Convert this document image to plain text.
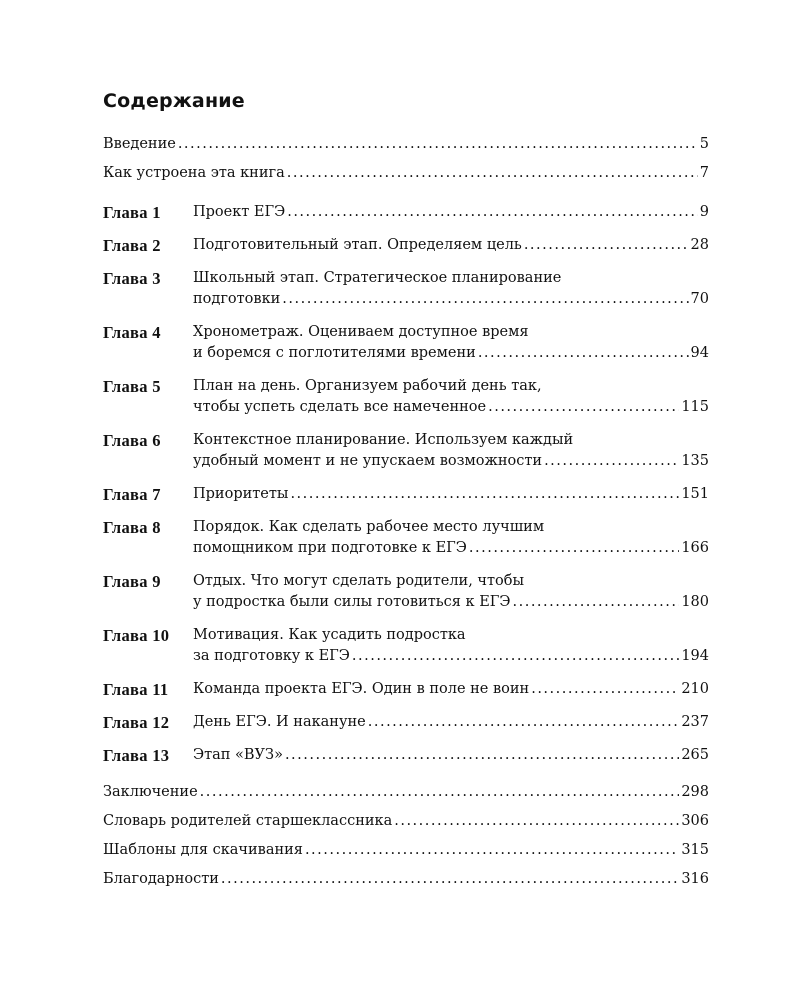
Содержание
Введение .....	5
Как устроена эта книга .....	7
Глава 1	Проект ЕГЭ .....	9
Глава 2	Подготовительный этап. Определяем цель .....	28
Глава 3	Школьный этап. Стратегическое планирование
подготовки .....	70
Глава 4	Хронометраж. Оцениваем доступное время
и боремся с поглотителями времени .....	94
Глава 5	План на день. Организуем рабочий день так,
чтобы успеть сделать все намеченное .....	115
Глава 6	Контекстное планирование. Используем каждый
удобный момент и не упускаем возможности .....	135
Глава 7	Приоритеты .....	151
Глава 8	Порядок. Как сделать рабочее место лучшим
помощником при подготовке к ЕГЭ .....	166
Глава 9	Отдых. Что могут сделать родители, чтобы
у подростка были силы готовиться к ЕГЭ .....	180
Глава 10	Мотивация. Как усадить подростка
за подготовку к ЕГЭ .....	194
Глава 11	Команда проекта ЕГЭ. Один в поле не воин .....	210
Глава 12	День ЕГЭ. И накануне .....	237
Глава 13	Этап «ВУЗ» .....	265
Заключение .....	298
Словарь родителей старшеклассника .....	306
Шаблоны для скачивания .....	315
Благодарности .....	316
